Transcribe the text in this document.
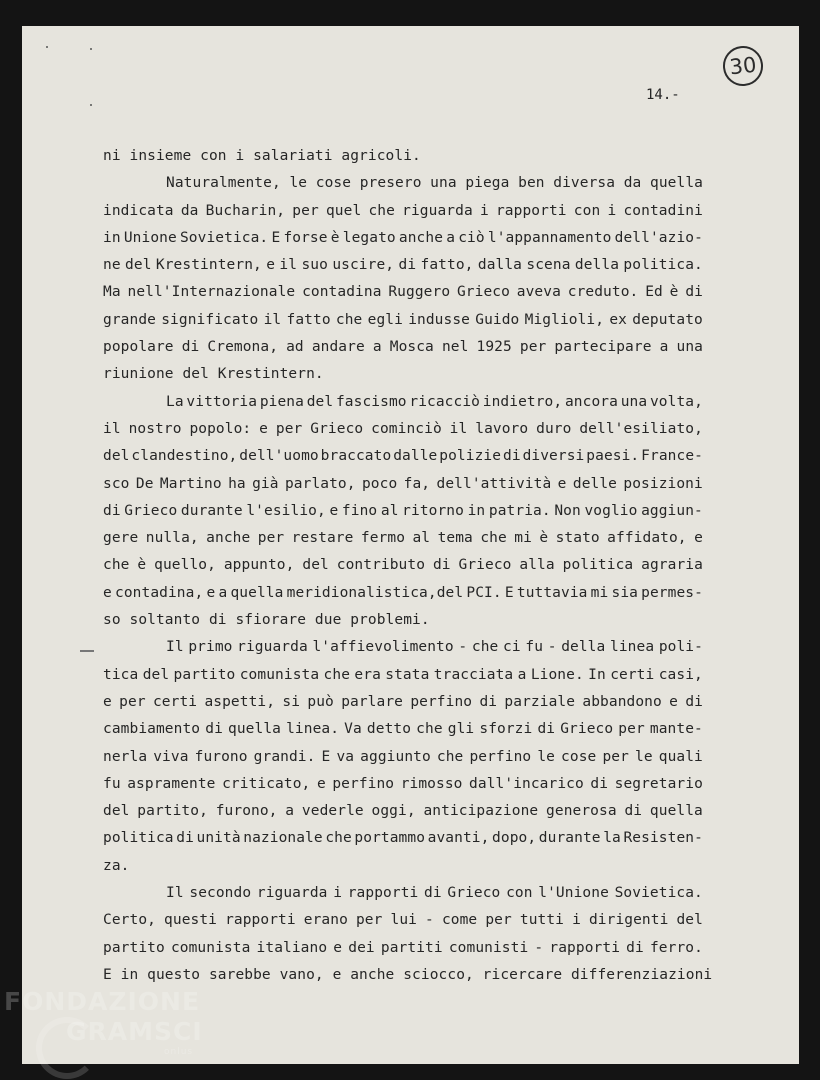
30
14.-
ni insieme con i salariati agricoli.
Naturalmente, le cose presero una piega ben diversa da quella
indicata da Bucharin, per quel che riguarda i rapporti con i contadini
in Unione Sovietica. E forse è legato anche a ciò l'appannamento dell'azio-
ne del Krestintern, e il suo uscire, di fatto, dalla scena della politica.
Ma nell'Internazionale contadina Ruggero Grieco aveva creduto. Ed è di
grande significato il fatto che egli indusse Guido Miglioli, ex deputato
popolare di Cremona, ad andare a Mosca nel 1925 per partecipare a una
riunione del Krestintern.
La vittoria piena del fascismo ricacciò indietro, ancora una volta,
il nostro popolo: e per Grieco cominciò il lavoro duro dell'esiliato,
del clandestino, dell'uomo braccato dalle polizie di diversi paesi. France-
sco De Martino ha già parlato, poco fa, dell'attività e delle posizioni
di Grieco durante l'esilio, e fino al ritorno in patria. Non voglio aggiun-
gere nulla, anche per restare fermo al tema che mi è stato affidato, e
che è quello, appunto, del contributo di Grieco alla politica agraria
e contadina, e a quella meridionalistica,del PCI. E tuttavia mi sia permes-
so soltanto di sfiorare due problemi.
Il primo riguarda l'affievolimento - che ci fu - della linea poli-
tica del partito comunista che era stata tracciata a Lione. In certi casi,
e per certi aspetti, si può parlare perfino di parziale abbandono e di
cambiamento di quella linea. Va detto che gli sforzi di Grieco per mante-
nerla viva furono grandi. E va aggiunto che perfino le cose per le quali
fu aspramente criticato, e perfino rimosso dall'incarico di segretario
del partito, furono, a vederle oggi, anticipazione generosa di quella
politica di unità nazionale che portammo avanti, dopo, durante la Resisten-
za.
Il secondo riguarda i rapporti di Grieco con l'Unione Sovietica.
Certo, questi rapporti erano per lui - come per tutti i dirigenti del
partito comunista italiano e dei partiti comunisti - rapporti di ferro.
E in questo sarebbe vano, e anche sciocco, ricercare differenziazioni
FONDAZIONE
GRAMSCI
onlus
